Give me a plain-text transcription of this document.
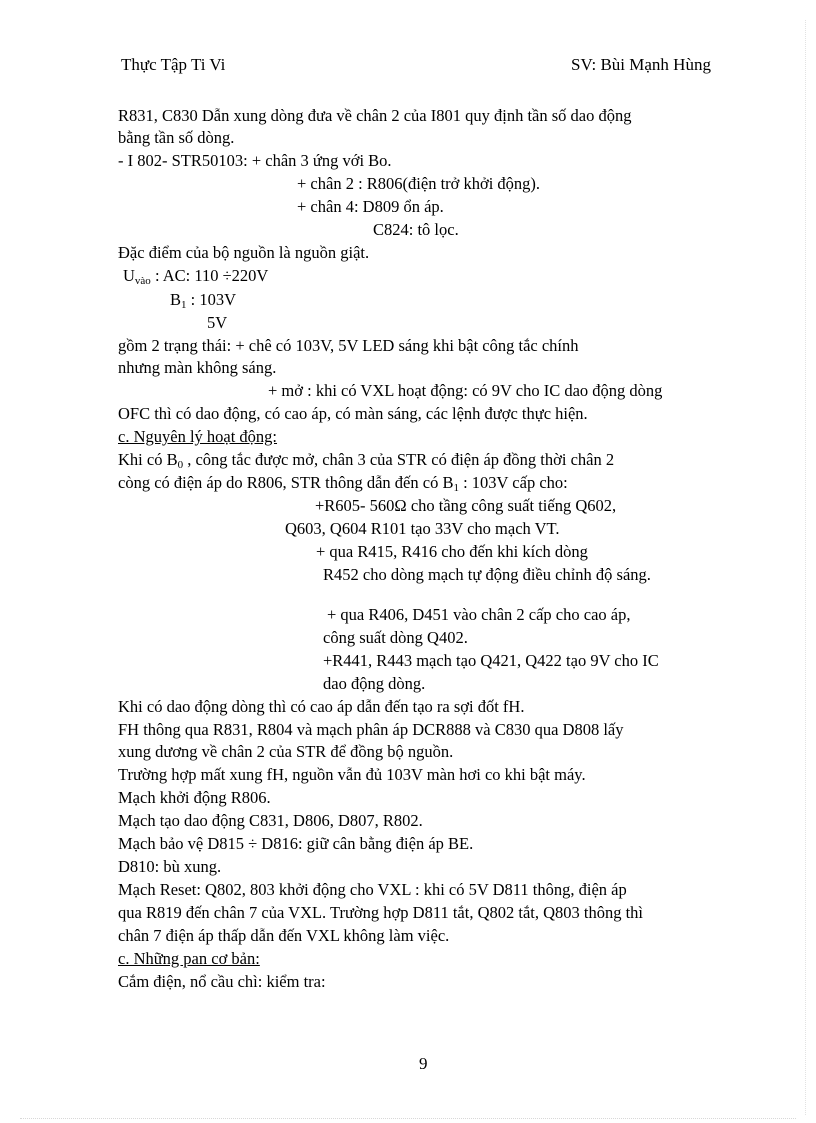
Thực Tập Ti Vi	SV: Bùi Mạnh Hùng
R831, C830 Dẫn xung dòng đưa về chân 2 của I801 quy định tần số dao động
bằng tần số dòng.
- I 802- STR50103: + chân 3 ứng với Bo.
+ chân 2 : R806(điện trở khởi động).
+ chân 4: D809 ổn áp.
C824: tô lọc.
Đặc điểm của bộ nguồn là nguồn giật.
$U_{vào}$ : AC: 110 ÷220V
$B_1$ : 103V
5V
gồm 2 trạng thái: + chê có 103V, 5V LED sáng khi bật công tắc chính
nhưng màn không sáng.
+ mở : khi có VXL hoạt động: có 9V cho IC dao động dòng
OFC thì có dao động, có cao áp, có màn sáng, các lệnh được thực hiện.
c. Nguyên lý hoạt động:
Khi có $B_0$ , công tắc được mở, chân 3 của STR có điện áp đồng thời chân 2
còng có điện áp do R806, STR thông dẫn đến có $B_1$ : 103V cấp cho:
+R605- 560Ω cho tầng công suất tiếng Q602,
Q603, Q604 R101 tạo 33V cho mạch VT.
+ qua R415, R416 cho đến khi kích dòng
R452 cho dòng mạch tự động điều chỉnh độ sáng.
+ qua R406, D451 vào chân 2 cấp cho cao áp,
công suất dòng Q402.
+R441, R443 mạch tạo Q421, Q422 tạo 9V cho IC
dao động dòng.
Khi có dao động dòng thì có cao áp dẫn đến tạo ra sợi đốt fH.
FH thông qua R831, R804 và mạch phân áp DCR888 và C830 qua D808 lấy
xung dương về chân 2 của STR để đồng bộ nguồn.
Trường hợp mất xung fH, nguồn vẫn đủ 103V màn hơi co khi bật máy.
Mạch khởi động R806.
Mạch tạo dao động C831, D806, D807, R802.
Mạch bảo vệ D815 ÷ D816: giữ cân bằng điện áp BE.
D810: bù xung.
Mạch Reset: Q802, 803 khởi động cho VXL : khi có 5V D811 thông, điện áp
qua R819 đến chân 7 của VXL. Trường hợp D811 tắt, Q802 tắt, Q803 thông thì
chân 7 điện áp thấp dẫn đến VXL không làm việc.
c. Những pan cơ bản:
Cắm điện, nổ cầu chì: kiểm tra:
9
